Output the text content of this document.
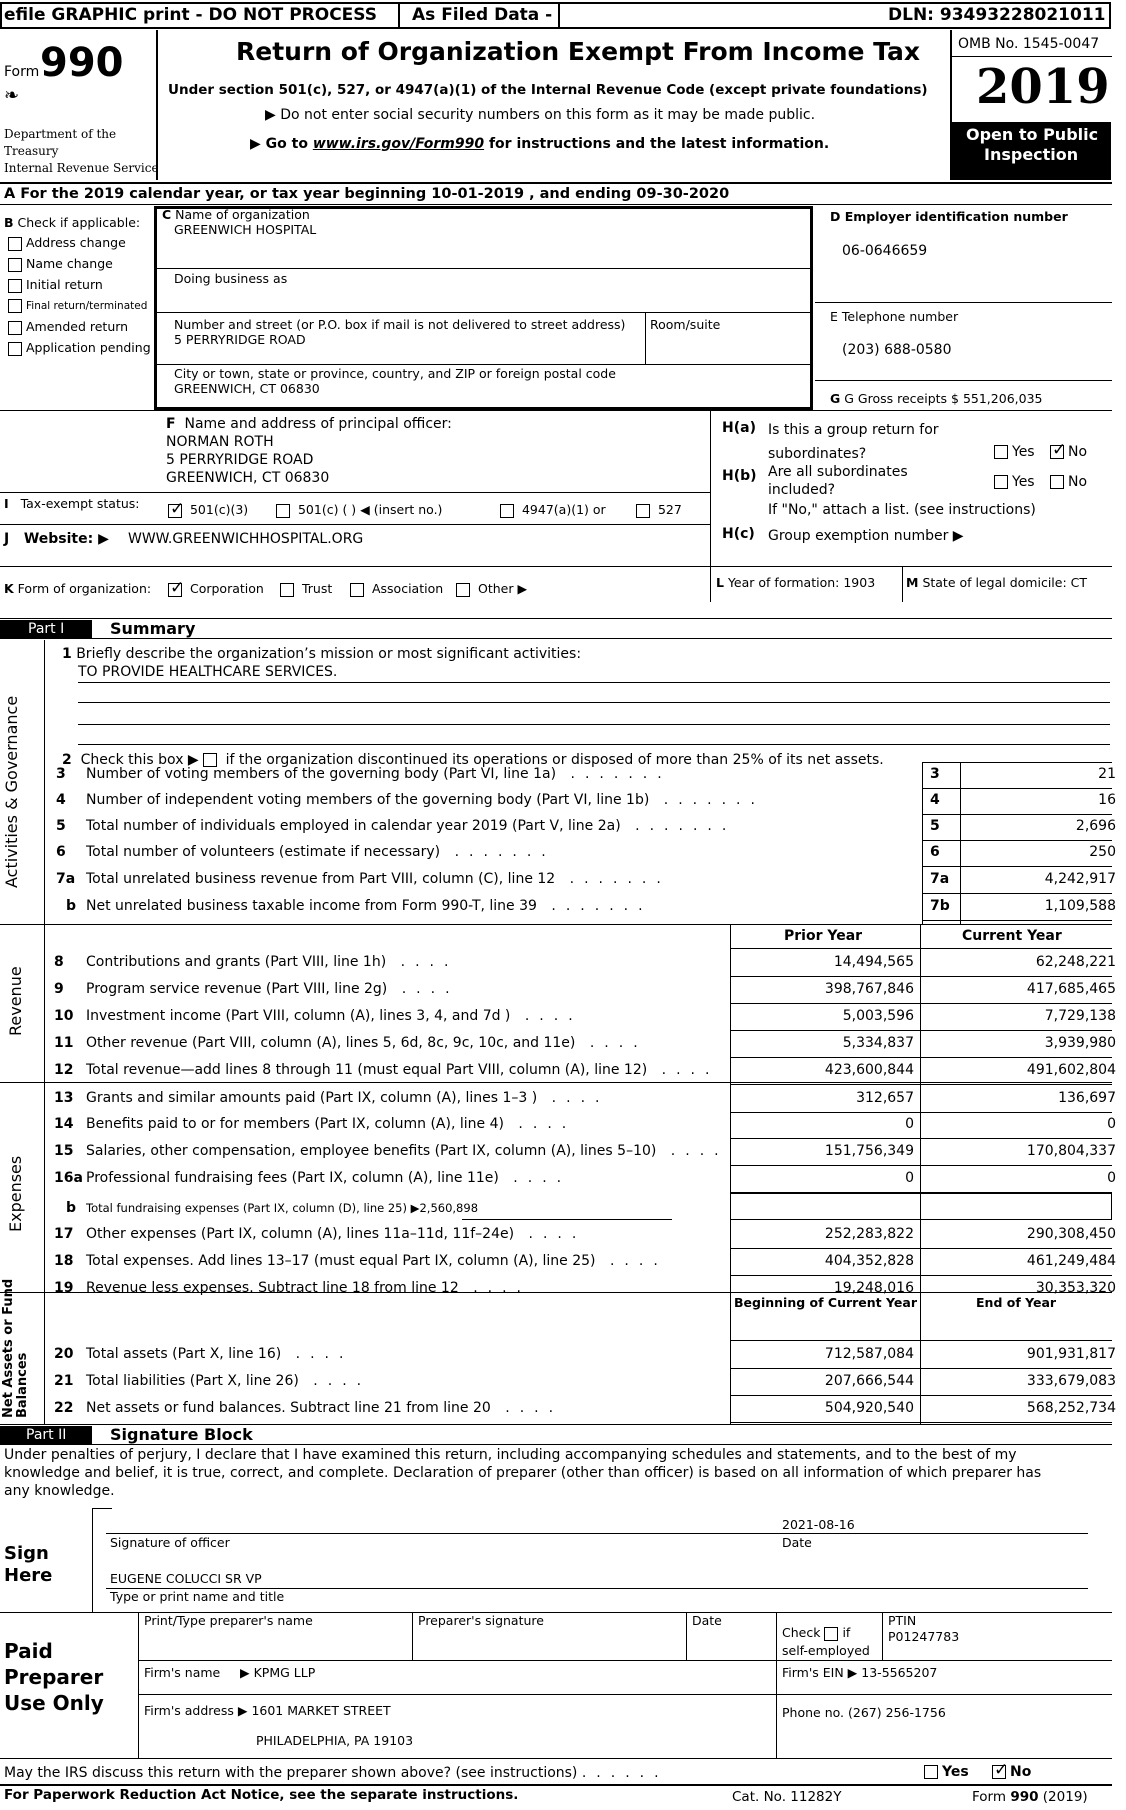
efile GRAPHIC print - DO NOT PROCESS As Filed Data -	DLN: 93493228021011
Form 990
❧
Department of the
Treasury
Internal Revenue Service
Return of Organization Exempt From Income Tax
Under section 501(c), 527, or 4947(a)(1) of the Internal Revenue Code (except private foundations)
▶ Do not enter social security numbers on this form as it may be made public.
▶ Go to www.irs.gov/Form990 for instructions and the latest information.
OMB No. 1545-0047
2019
Open to Public
Inspection
A For the 2019 calendar year, or tax year beginning 10-01-2019 , and ending 09-30-2020
B Check if applicable:
Address change
Name change
Initial return
Final return/terminated
Amended return
Application pending
C Name of organization
GREENWICH HOSPITAL
Doing business as
Number and street (or P.O. box if mail is not delivered to street address) Room/suite
5 PERRYRIDGE ROAD
City or town, state or province, country, and ZIP or foreign postal code
GREENWICH, CT 06830
D Employer identification number
06-0646659
E Telephone number
(203) 688-0580
G G Gross receipts $ 551,206,035
F Name and address of principal officer:
NORMAN ROTH
5 PERRYRIDGE ROAD
GREENWICH, CT 06830
H(a) Is this a group return for
subordinates?	Yes ✓	No
H(b) Are all subordinates
included?	Yes	No
If "No," attach a list. (see instructions)
H(c) Group exemption number ▶
I Tax-exempt status: ✓	501(c)(3)	501(c) ( ) ◀ (insert no.)	4947(a)(1) or	527
J   Website: ▶ WWW.GREENWICHHOSPITAL.ORG
K Form of organization: ✓	Corporation	Trust	Association	Other ▶	L Year of formation: 1903 M State of legal domicile: CT
Part I	Summary
Activities & Governance
Revenue
Expenses
Net Assets or Fund Balances
1 Briefly describe the organization’s mission or most significant activities:
TO PROVIDE HEALTHCARE SERVICES.
2 Check this box ▶ if the organization discontinued its operations or disposed of more than 25% of its net assets.
3 Number of voting members of the governing body (Part VI, line 1a) .......	3	21
4 Number of independent voting members of the governing body (Part VI, line 1b) .......	4	16
5 Total number of individuals employed in calendar year 2019 (Part V, line 2a) .......	5	2,696
6 Total number of volunteers (estimate if necessary) .......	6	250
7a Total unrelated business revenue from Part VIII, column (C), line 12 .......	7a	4,242,917
b Net unrelated business taxable income from Form 990-T, line 39 .......	7b	1,109,588
Prior Year	Current Year
8 Contributions and grants (Part VIII, line 1h) ....	14,494,565	62,248,221
9 Program service revenue (Part VIII, line 2g) ....	398,767,846	417,685,465
10 Investment income (Part VIII, column (A), lines 3, 4, and 7d ) ....	5,003,596	7,729,138
11 Other revenue (Part VIII, column (A), lines 5, 6d, 8c, 9c, 10c, and 11e) ....	5,334,837	3,939,980
12 Total revenue—add lines 8 through 11 (must equal Part VIII, column (A), line 12) ....	423,600,844	491,602,804
13 Grants and similar amounts paid (Part IX, column (A), lines 1–3 ) ....	312,657	136,697
14 Benefits paid to or for members (Part IX, column (A), line 4) ....	0	0
15 Salaries, other compensation, employee benefits (Part IX, column (A), lines 5–10) ....	151,756,349	170,804,337
16a Professional fundraising fees (Part IX, column (A), line 11e) ....	0	0
b Total fundraising expenses (Part IX, column (D), line 25) ▶2,560,898
17 Other expenses (Part IX, column (A), lines 11a–11d, 11f–24e) ....	252,283,822	290,308,450
18 Total expenses. Add lines 13–17 (must equal Part IX, column (A), line 25) ....	404,352,828	461,249,484
19 Revenue less expenses. Subtract line 18 from line 12 ....	19,248,016	30,353,320
Beginning of Current Year	End of Year
20 Total assets (Part X, line 16) ....	712,587,084	901,931,817
21 Total liabilities (Part X, line 26) ....	207,666,544	333,679,083
22 Net assets or fund balances. Subtract line 21 from line 20 ....	504,920,540	568,252,734
Part II	Signature Block
Under penalties of perjury, I declare that I have examined this return, including accompanying schedules and statements, and to the best of my
knowledge and belief, it is true, correct, and complete. Declaration of preparer (other than officer) is based on all information of which preparer has
any knowledge.
Sign
Here
2021-08-16
Signature of officer	Date
EUGENE COLUCCI SR VP
Type or print name and title
Paid
Preparer
Use Only
Print/Type preparer's name	Preparer's signature	Date
Check if
self-employed
PTIN
P01247783
Firm's name ▶ KPMG LLP	Firm's EIN ▶ 13-5565207
Firm's address ▶ 1601 MARKET STREET
PHILADELPHIA, PA 19103
Phone no. (267) 256-1756
May the IRS discuss this return with the preparer shown above? (see instructions) ......	Yes ✓	No
For Paperwork Reduction Act Notice, see the separate instructions.	Cat. No. 11282Y	Form 990 (2019)
